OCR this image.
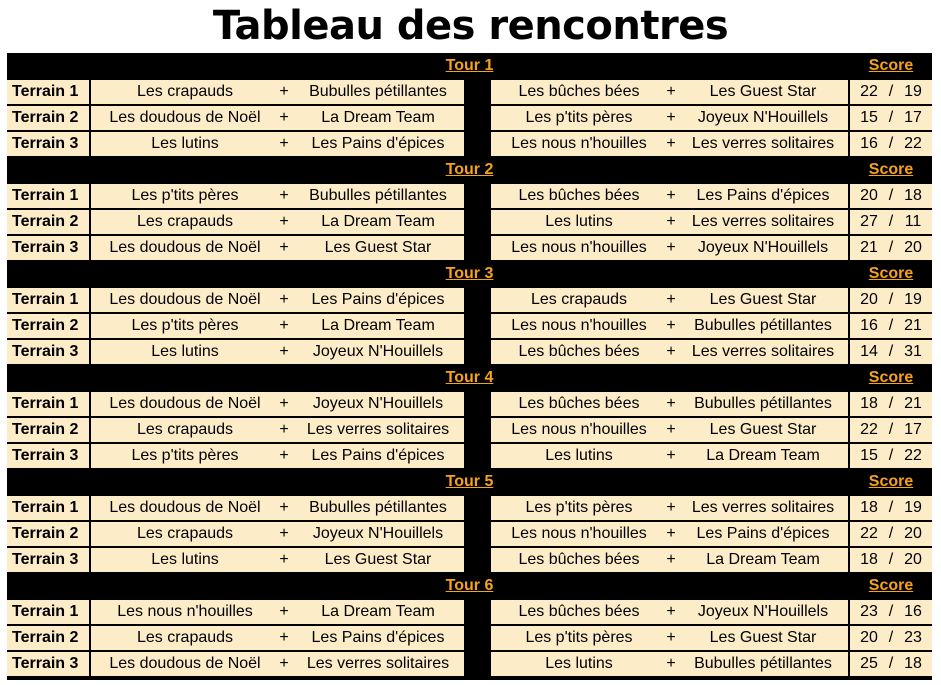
Tableau des rencontres
Tour 1	Score
Terrain 1	Les crapauds	+	Bubulles pétillantes	Les bûches bées	+	Les Guest Star	22 / 19
Terrain 2	Les doudous de Noël	+	La Dream Team	Les p'tits pères	+	Joyeux N'Houillels	15 / 17
Terrain 3	Les lutins	+	Les Pains d'épices	Les nous n'houilles	+	Les verres solitaires	16 / 22
Tour 2	Score
Terrain 1	Les p'tits pères	+	Bubulles pétillantes	Les bûches bées	+	Les Pains d'épices	20 / 18
Terrain 2	Les crapauds	+	La Dream Team	Les lutins	+	Les verres solitaires	27 / 11
Terrain 3	Les doudous de Noël	+	Les Guest Star	Les nous n'houilles	+	Joyeux N'Houillels	21 / 20
Tour 3	Score
Terrain 1	Les doudous de Noël	+	Les Pains d'épices	Les crapauds	+	Les Guest Star	20 / 19
Terrain 2	Les p'tits pères	+	La Dream Team	Les nous n'houilles	+	Bubulles pétillantes	16 / 21
Terrain 3	Les lutins	+	Joyeux N'Houillels	Les bûches bées	+	Les verres solitaires	14 / 31
Tour 4	Score
Terrain 1	Les doudous de Noël	+	Joyeux N'Houillels	Les bûches bées	+	Bubulles pétillantes	18 / 21
Terrain 2	Les crapauds	+	Les verres solitaires	Les nous n'houilles	+	Les Guest Star	22 / 17
Terrain 3	Les p'tits pères	+	Les Pains d'épices	Les lutins	+	La Dream Team	15 / 22
Tour 5	Score
Terrain 1	Les doudous de Noël	+	Bubulles pétillantes	Les p'tits pères	+	Les verres solitaires	18 / 19
Terrain 2	Les crapauds	+	Joyeux N'Houillels	Les nous n'houilles	+	Les Pains d'épices	22 / 20
Terrain 3	Les lutins	+	Les Guest Star	Les bûches bées	+	La Dream Team	18 / 20
Tour 6	Score
Terrain 1	Les nous n'houilles	+	La Dream Team	Les bûches bées	+	Joyeux N'Houillels	23 / 16
Terrain 2	Les crapauds	+	Les Pains d'épices	Les p'tits pères	+	Les Guest Star	20 / 23
Terrain 3	Les doudous de Noël	+	Les verres solitaires	Les lutins	+	Bubulles pétillantes	25 / 18
